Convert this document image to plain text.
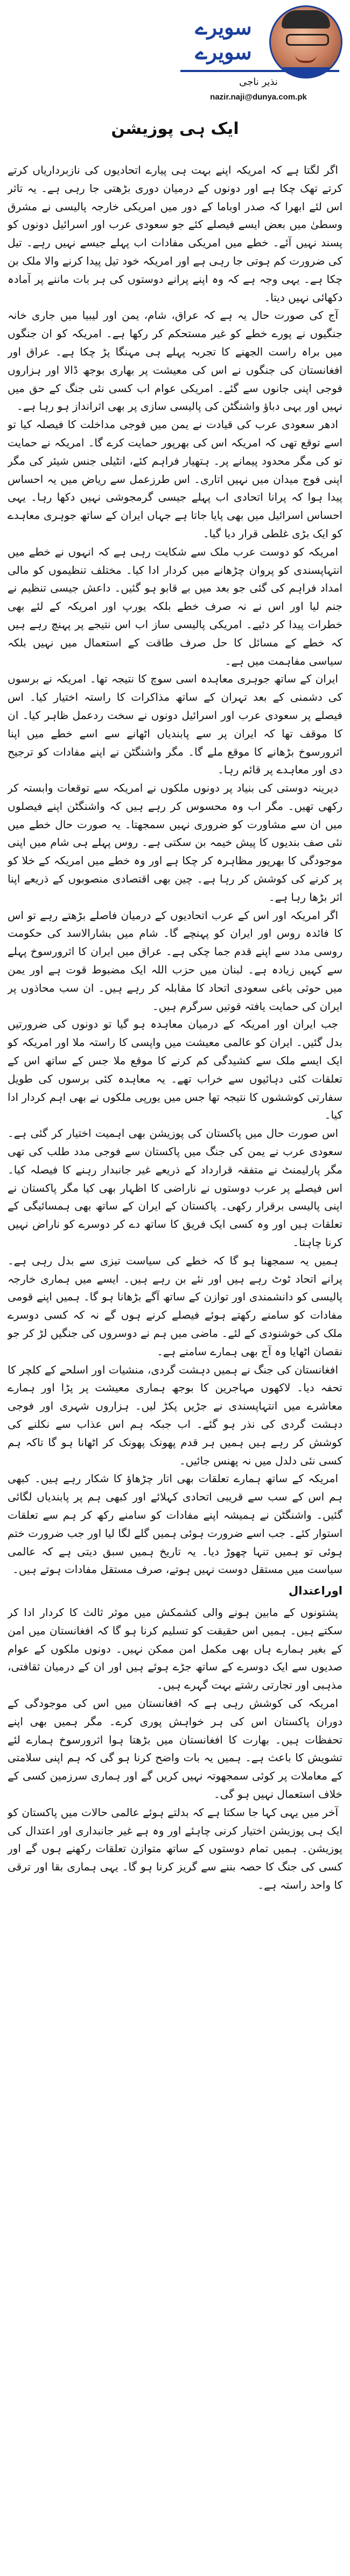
سویرے سویرے
نذیر ناجی
nazir.naji@dunya.com.pk
ایک ہی پوزیشن

اگر لگتا ہے کہ امریکہ اپنے بہت ہی پیارے اتحادیوں کی نازبرداریاں کرتے کرتے تھک چکا ہے اور دونوں کے درمیان دوری بڑھتی جا رہی ہے۔ یہ تاثر اس لئے ابھرا کہ صدر اوباما کے دور میں امریکی خارجہ پالیسی نے مشرق وسطیٰ میں بعض ایسے فیصلے کئے جو سعودی عرب اور اسرائیل دونوں کو پسند نہیں آئے۔ خطے میں امریکی مفادات اب پہلے جیسے نہیں رہے۔ تیل کی ضرورت کم ہوتی جا رہی ہے اور امریکہ خود تیل پیدا کرنے والا ملک بن چکا ہے۔ یہی وجہ ہے کہ وہ اپنے پرانے دوستوں کی ہر بات ماننے پر آمادہ دکھائی نہیں دیتا۔

آج کی صورت حال یہ ہے کہ عراق، شام، یمن اور لیبیا میں جاری خانہ جنگیوں نے پورے خطے کو غیر مستحکم کر رکھا ہے۔ امریکہ کو ان جنگوں میں براہ راست الجھنے کا تجربہ پہلے ہی مہنگا پڑ چکا ہے۔ عراق اور افغانستان کی جنگوں نے اس کی معیشت پر بھاری بوجھ ڈالا اور ہزاروں فوجی اپنی جانوں سے گئے۔ امریکی عوام اب کسی نئی جنگ کے حق میں نہیں اور یہی دباؤ واشنگٹن کی پالیسی سازی پر بھی اثرانداز ہو رہا ہے۔

ادھر سعودی عرب کی قیادت نے یمن میں فوجی مداخلت کا فیصلہ کیا تو اسے توقع تھی کہ امریکہ اس کی بھرپور حمایت کرے گا۔ امریکہ نے حمایت تو کی مگر محدود پیمانے پر۔ ہتھیار فراہم کئے، انٹیلی جنس شیئر کی مگر اپنی فوج میدان میں نہیں اتاری۔ اس طرزعمل سے ریاض میں یہ احساس پیدا ہوا کہ پرانا اتحادی اب پہلے جیسی گرمجوشی نہیں دکھا رہا۔ یہی احساس اسرائیل میں بھی پایا جاتا ہے جہاں ایران کے ساتھ جوہری معاہدے کو ایک بڑی غلطی قرار دیا گیا۔

امریکہ کو دوست عرب ملک سے شکایت رہی ہے کہ انہوں نے خطے میں انتہاپسندی کو پروان چڑھانے میں کردار ادا کیا۔ مختلف تنظیموں کو مالی امداد فراہم کی گئی جو بعد میں بے قابو ہو گئیں۔ داعش جیسی تنظیم نے جنم لیا اور اس نے نہ صرف خطے بلکہ یورپ اور امریکہ کے لئے بھی خطرات پیدا کر دئیے۔ امریکی پالیسی ساز اب اس نتیجے پر پہنچ رہے ہیں کہ خطے کے مسائل کا حل صرف طاقت کے استعمال میں نہیں بلکہ سیاسی مفاہمت میں ہے۔

ایران کے ساتھ جوہری معاہدہ اسی سوچ کا نتیجہ تھا۔ امریکہ نے برسوں کی دشمنی کے بعد تہران کے ساتھ مذاکرات کا راستہ اختیار کیا۔ اس فیصلے پر سعودی عرب اور اسرائیل دونوں نے سخت ردعمل ظاہر کیا۔ ان کا موقف تھا کہ ایران پر سے پابندیاں اٹھانے سے اسے خطے میں اپنا اثرورسوخ بڑھانے کا موقع ملے گا۔ مگر واشنگٹن نے اپنے مفادات کو ترجیح دی اور معاہدے پر قائم رہا۔

دیرینہ دوستی کی بنیاد پر دونوں ملکوں نے امریکہ سے توقعات وابستہ کر رکھی تھیں۔ مگر اب وہ محسوس کر رہے ہیں کہ واشنگٹن اپنے فیصلوں میں ان سے مشاورت کو ضروری نہیں سمجھتا۔ یہ صورت حال خطے میں نئی صف بندیوں کا پیش خیمہ بن سکتی ہے۔ روس پہلے ہی شام میں اپنی موجودگی کا بھرپور مظاہرہ کر چکا ہے اور وہ خطے میں امریکہ کے خلا کو پر کرنے کی کوشش کر رہا ہے۔ چین بھی اقتصادی منصوبوں کے ذریعے اپنا اثر بڑھا رہا ہے۔

اگر امریکہ اور اس کے عرب اتحادیوں کے درمیان فاصلے بڑھتے رہے تو اس کا فائدہ روس اور ایران کو پہنچے گا۔ شام میں بشارالاسد کی حکومت روسی مدد سے اپنے قدم جما چکی ہے۔ عراق میں ایران کا اثرورسوخ پہلے سے کہیں زیادہ ہے۔ لبنان میں حزب اللہ ایک مضبوط قوت ہے اور یمن میں حوثی باغی سعودی اتحاد کا مقابلہ کر رہے ہیں۔ ان سب محاذوں پر ایران کی حمایت یافتہ قوتیں سرگرم ہیں۔

جب ایران اور امریکہ کے درمیان معاہدہ ہو گیا تو دونوں کی ضرورتیں بدل گئیں۔ ایران کو عالمی معیشت میں واپسی کا راستہ ملا اور امریکہ کو ایک ایسے ملک سے کشیدگی کم کرنے کا موقع ملا جس کے ساتھ اس کے تعلقات کئی دہائیوں سے خراب تھے۔ یہ معاہدہ کئی برسوں کی طویل سفارتی کوششوں کا نتیجہ تھا جس میں یورپی ملکوں نے بھی اہم کردار ادا کیا۔

اس صورت حال میں پاکستان کی پوزیشن بھی اہمیت اختیار کر گئی ہے۔ سعودی عرب نے یمن کی جنگ میں پاکستان سے فوجی مدد طلب کی تھی مگر پارلیمنٹ نے متفقہ قرارداد کے ذریعے غیر جانبدار رہنے کا فیصلہ کیا۔ اس فیصلے پر عرب دوستوں نے ناراضی کا اظہار بھی کیا مگر پاکستان نے اپنی پالیسی برقرار رکھی۔ پاکستان کے ایران کے ساتھ بھی ہمسائیگی کے تعلقات ہیں اور وہ کسی ایک فریق کا ساتھ دے کر دوسرے کو ناراض نہیں کرنا چاہتا۔

ہمیں یہ سمجھنا ہو گا کہ خطے کی سیاست تیزی سے بدل رہی ہے۔ پرانے اتحاد ٹوٹ رہے ہیں اور نئے بن رہے ہیں۔ ایسے میں ہماری خارجہ پالیسی کو دانشمندی اور توازن کے ساتھ آگے بڑھانا ہو گا۔ ہمیں اپنے قومی مفادات کو سامنے رکھتے ہوئے فیصلے کرنے ہوں گے نہ کہ کسی دوسرے ملک کی خوشنودی کے لئے۔ ماضی میں ہم نے دوسروں کی جنگیں لڑ کر جو نقصان اٹھایا وہ آج بھی ہمارے سامنے ہے۔

افغانستان کی جنگ نے ہمیں دہشت گردی، منشیات اور اسلحے کے کلچر کا تحفہ دیا۔ لاکھوں مہاجرین کا بوجھ ہماری معیشت پر پڑا اور ہمارے معاشرے میں انتہاپسندی نے جڑیں پکڑ لیں۔ ہزاروں شہری اور فوجی دہشت گردی کی نذر ہو گئے۔ اب جبکہ ہم اس عذاب سے نکلنے کی کوشش کر رہے ہیں ہمیں ہر قدم پھونک پھونک کر اٹھانا ہو گا تاکہ ہم کسی نئی دلدل میں نہ پھنس جائیں۔

امریکہ کے ساتھ ہمارے تعلقات بھی اتار چڑھاؤ کا شکار رہے ہیں۔ کبھی ہم اس کے سب سے قریبی اتحادی کہلائے اور کبھی ہم پر پابندیاں لگائی گئیں۔ واشنگٹن نے ہمیشہ اپنے مفادات کو سامنے رکھ کر ہم سے تعلقات استوار کئے۔ جب اسے ضرورت ہوئی ہمیں گلے لگا لیا اور جب ضرورت ختم ہوئی تو ہمیں تنہا چھوڑ دیا۔ یہ تاریخ ہمیں سبق دیتی ہے کہ عالمی سیاست میں مستقل دوست نہیں ہوتے، صرف مستقل مفادات ہوتے ہیں۔

اوراعتدال

پشتونوں کے مابین ہونے والی کشمکش میں موثر ثالث کا کردار ادا کر سکتے ہیں۔ ہمیں اس حقیقت کو تسلیم کرنا ہو گا کہ افغانستان میں امن کے بغیر ہمارے ہاں بھی مکمل امن ممکن نہیں۔ دونوں ملکوں کے عوام صدیوں سے ایک دوسرے کے ساتھ جڑے ہوئے ہیں اور ان کے درمیان ثقافتی، مذہبی اور تجارتی رشتے بہت گہرے ہیں۔

امریکہ کی کوشش رہی ہے کہ افغانستان میں اس کی موجودگی کے دوران پاکستان اس کی ہر خواہش پوری کرے۔ مگر ہمیں بھی اپنے تحفظات ہیں۔ بھارت کا افغانستان میں بڑھتا ہوا اثرورسوخ ہمارے لئے تشویش کا باعث ہے۔ ہمیں یہ بات واضح کرنا ہو گی کہ ہم اپنی سلامتی کے معاملات پر کوئی سمجھوتہ نہیں کریں گے اور ہماری سرزمین کسی کے خلاف استعمال نہیں ہو گی۔

آخر میں یہی کہا جا سکتا ہے کہ بدلتے ہوئے عالمی حالات میں پاکستان کو ایک ہی پوزیشن اختیار کرنی چاہئے اور وہ ہے غیر جانبداری اور اعتدال کی پوزیشن۔ ہمیں تمام دوستوں کے ساتھ متوازن تعلقات رکھنے ہوں گے اور کسی کی جنگ کا حصہ بننے سے گریز کرنا ہو گا۔ یہی ہماری بقا اور ترقی کا واحد راستہ ہے۔
